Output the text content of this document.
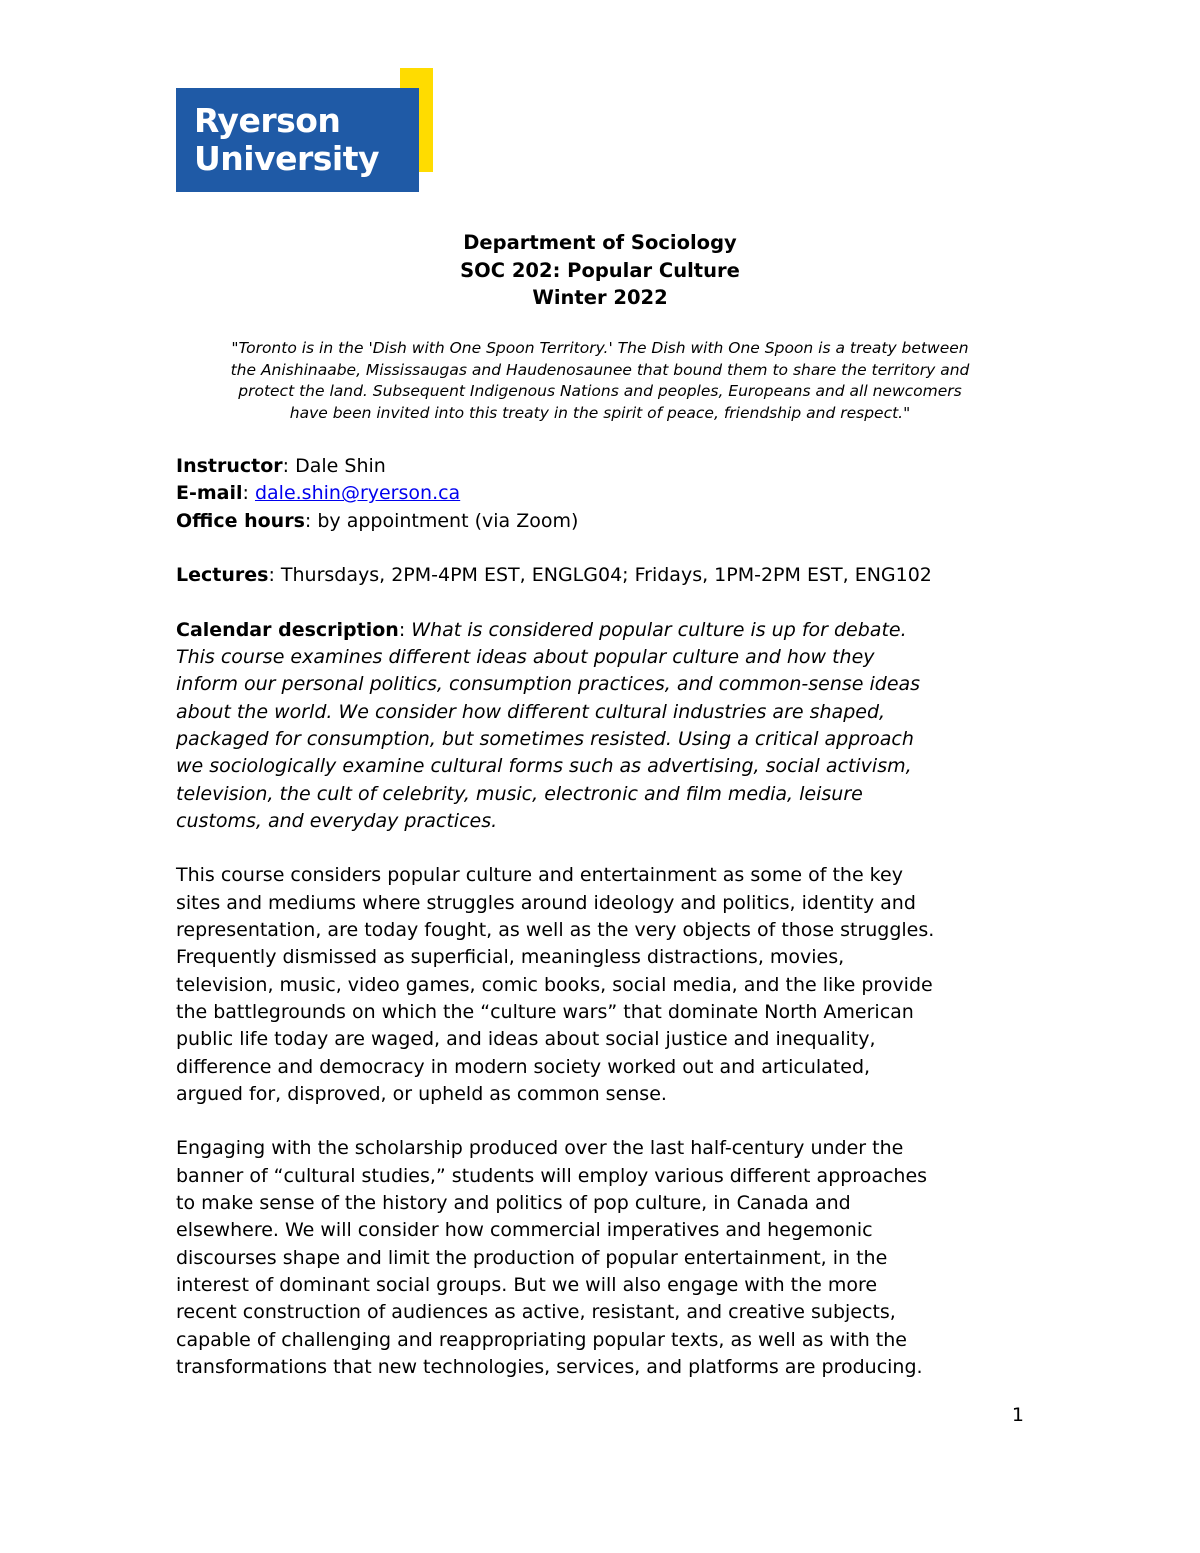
Ryerson
University
Department of Sociology
SOC 202: Popular Culture
Winter 2022
"Toronto is in the 'Dish with One Spoon Territory.' The Dish with One Spoon is a treaty between
the Anishinaabe, Mississaugas and Haudenosaunee that bound them to share the territory and
protect the land. Subsequent Indigenous Nations and peoples, Europeans and all newcomers
have been invited into this treaty in the spirit of peace, friendship and respect."

Instructor: Dale Shin

E-mail: dale.shin@ryerson.ca

Office hours: by appointment (via Zoom)

Lectures: Thursdays, 2PM-4PM EST, ENGLG04; Fridays, 1PM-2PM EST, ENG102

Calendar description: What is considered popular culture is up for debate.

This course examines different ideas about popular culture and how they

inform our personal politics, consumption practices, and common-sense ideas

about the world. We consider how different cultural industries are shaped,

packaged for consumption, but sometimes resisted. Using a critical approach

we sociologically examine cultural forms such as advertising, social activism,

television, the cult of celebrity, music, electronic and film media, leisure

customs, and everyday practices.

This course considers popular culture and entertainment as some of the key

sites and mediums where struggles around ideology and politics, identity and

representation, are today fought, as well as the very objects of those struggles.

Frequently dismissed as superficial, meaningless distractions, movies,

television, music, video games, comic books, social media, and the like provide

the battlegrounds on which the “culture wars” that dominate North American

public life today are waged, and ideas about social justice and inequality,

difference and democracy in modern society worked out and articulated,

argued for, disproved, or upheld as common sense.

Engaging with the scholarship produced over the last half-century under the

banner of “cultural studies,” students will employ various different approaches

to make sense of the history and politics of pop culture, in Canada and

elsewhere. We will consider how commercial imperatives and hegemonic

discourses shape and limit the production of popular entertainment, in the

interest of dominant social groups. But we will also engage with the more

recent construction of audiences as active, resistant, and creative subjects,

capable of challenging and reappropriating popular texts, as well as with the

transformations that new technologies, services, and platforms are producing.

1
